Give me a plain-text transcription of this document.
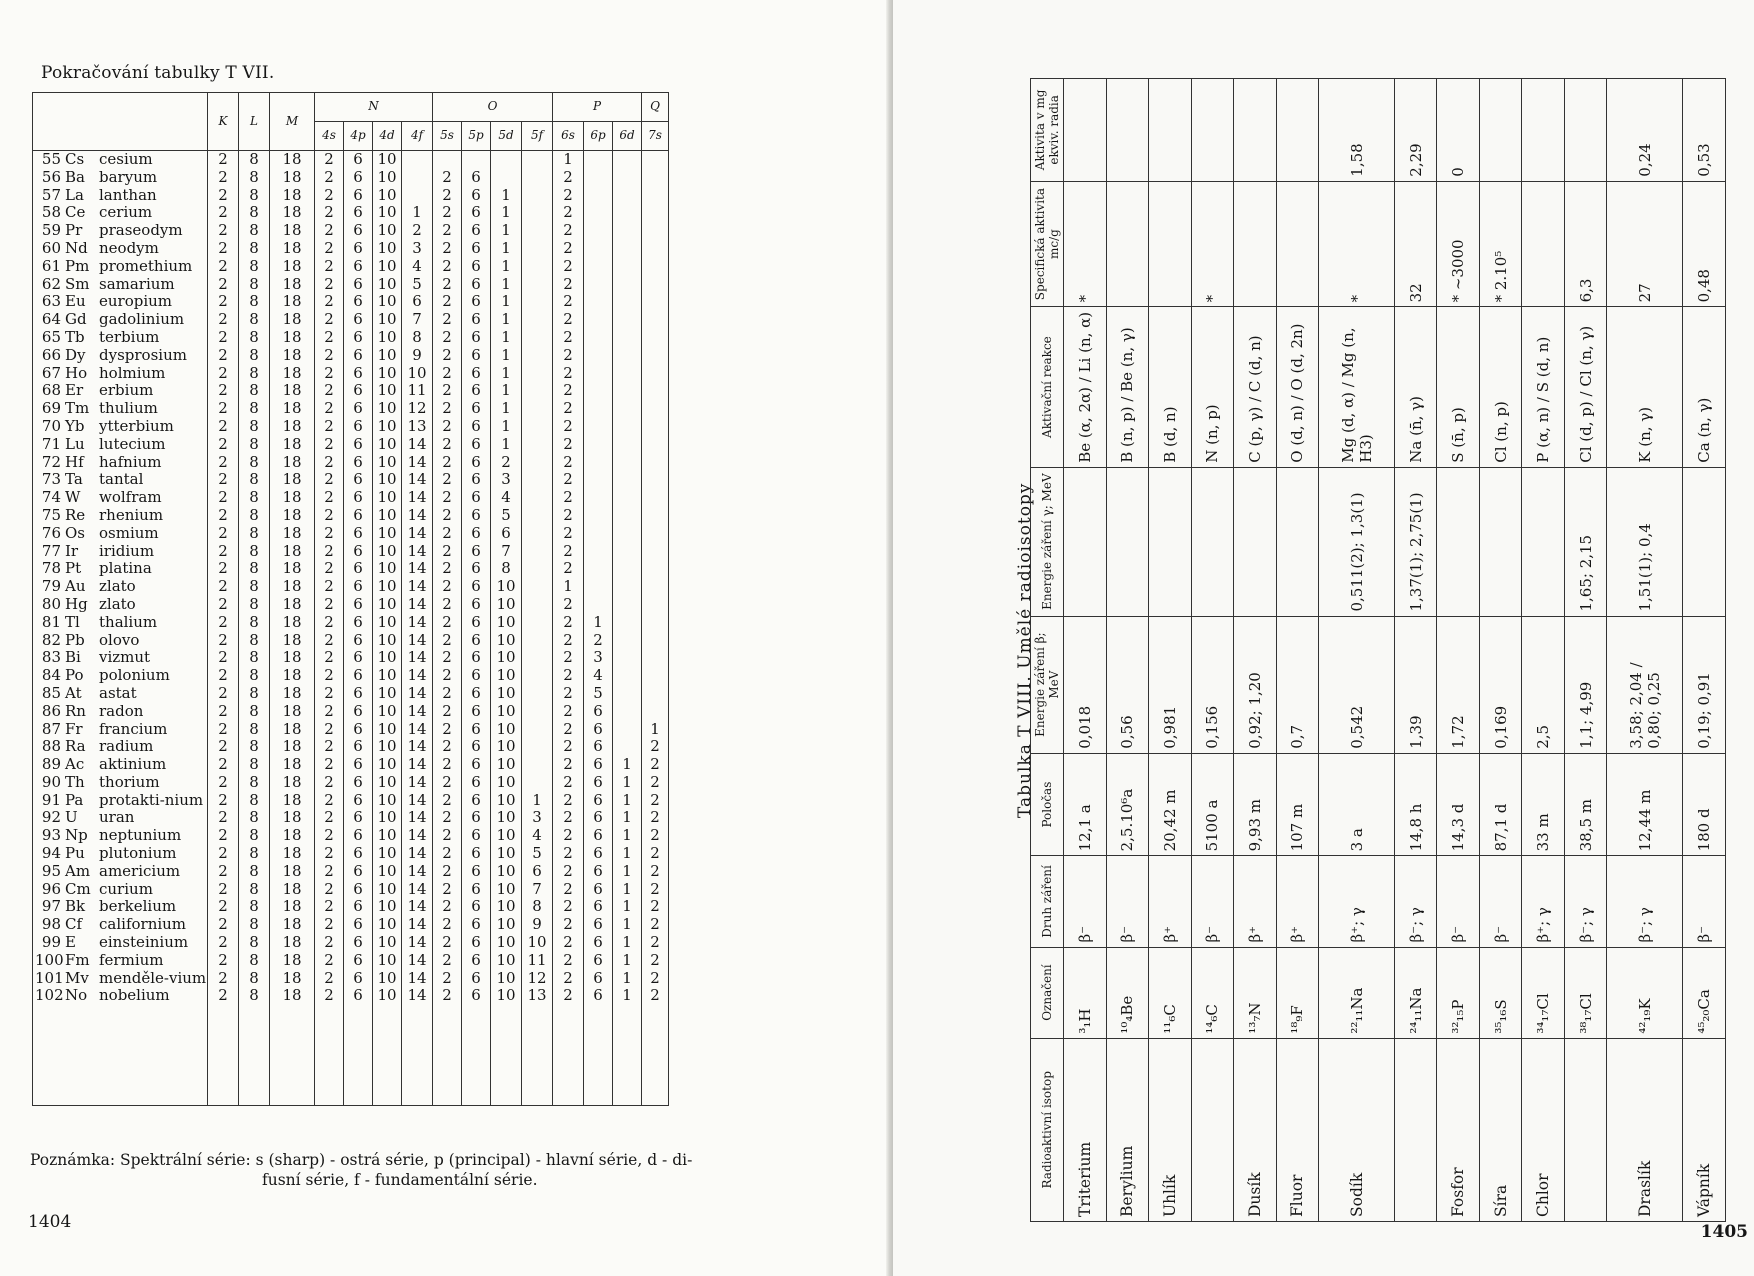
Pokračování tabulky T VII.
	K	L	M	N				O				P			Q
				4s	4p	4d	4f	5s	5p	5d	5f	6s	6p	6d	7s
55 Cs cesium	2	8	18	2	6	10						1			
56 Ba baryum	2	8	18	2	6	10		2	6			2			
57 La lanthan	2	8	18	2	6	10		2	6	1		2			
58 Ce cerium	2	8	18	2	6	10	1	2	6	1		2			
59 Pr praseodym	2	8	18	2	6	10	2	2	6	1		2			
60 Nd neodym	2	8	18	2	6	10	3	2	6	1		2			
61 Pm promethium	2	8	18	2	6	10	4	2	6	1		2			
62 Sm samarium	2	8	18	2	6	10	5	2	6	1		2			
63 Eu europium	2	8	18	2	6	10	6	2	6	1		2			
64 Gd gadolinium	2	8	18	2	6	10	7	2	6	1		2			
65 Tb terbium	2	8	18	2	6	10	8	2	6	1		2			
66 Dy dysprosium	2	8	18	2	6	10	9	2	6	1		2			
67 Ho holmium	2	8	18	2	6	10	10	2	6	1		2			
68 Er erbium	2	8	18	2	6	10	11	2	6	1		2			
69 Tm thulium	2	8	18	2	6	10	12	2	6	1		2			
70 Yb ytterbium	2	8	18	2	6	10	13	2	6	1		2			
71 Lu lutecium	2	8	18	2	6	10	14	2	6	1		2			
72 Hf hafnium	2	8	18	2	6	10	14	2	6	2		2			
73 Ta tantal	2	8	18	2	6	10	14	2	6	3		2			
74 W wolfram	2	8	18	2	6	10	14	2	6	4		2			
75 Re rhenium	2	8	18	2	6	10	14	2	6	5		2			
76 Os osmium	2	8	18	2	6	10	14	2	6	6		2			
77 Ir iridium	2	8	18	2	6	10	14	2	6	7		2			
78 Pt platina	2	8	18	2	6	10	14	2	6	8		2			
79 Au zlato	2	8	18	2	6	10	14	2	6	10		1			
80 Hg zlato	2	8	18	2	6	10	14	2	6	10		2			
81 Tl thalium	2	8	18	2	6	10	14	2	6	10		2	1		
82 Pb olovo	2	8	18	2	6	10	14	2	6	10		2	2		
83 Bi vizmut	2	8	18	2	6	10	14	2	6	10		2	3		
84 Po polonium	2	8	18	2	6	10	14	2	6	10		2	4		
85 At astat	2	8	18	2	6	10	14	2	6	10		2	5		
86 Rn radon	2	8	18	2	6	10	14	2	6	10		2	6		
87 Fr francium	2	8	18	2	6	10	14	2	6	10		2	6		1
88 Ra radium	2	8	18	2	6	10	14	2	6	10		2	6		2
89 Ac aktinium	2	8	18	2	6	10	14	2	6	10		2	6	1	2
90 Th thorium	2	8	18	2	6	10	14	2	6	10		2	6	1	2
91 Pa protakti-nium	2	8	18	2	6	10	14	2	6	10	1	2	6	1	2
92 U uran	2	8	18	2	6	10	14	2	6	10	3	2	6	1	2
93 Np neptunium	2	8	18	2	6	10	14	2	6	10	4	2	6	1	2
94 Pu plutonium	2	8	18	2	6	10	14	2	6	10	5	2	6	1	2
95 Am americium	2	8	18	2	6	10	14	2	6	10	6	2	6	1	2
96 Cm curium	2	8	18	2	6	10	14	2	6	10	7	2	6	1	2
97 Bk berkelium	2	8	18	2	6	10	14	2	6	10	8	2	6	1	2
98 Cf californium	2	8	18	2	6	10	14	2	6	10	9	2	6	1	2
99 E einsteinium	2	8	18	2	6	10	14	2	6	10	10	2	6	1	2
100Fm fermium	2	8	18	2	6	10	14	2	6	10	11	2	6	1	2
101Mv menděle-vium	2	8	18	2	6	10	14	2	6	10	12	2	6	1	2
102No nobelium	2	8	18	2	6	10	14	2	6	10	13	2	6	1	2

Poznámka: Spektrální série: s (sharp) - ostrá série, p (principal) - hlavní série, d - di-
fusní série, f - fundamentální série.
1404
Tabulka T VIII. Umělé radioisotopy
Radioaktivní isotop	Označení	Druh záření	Poločas	Energie záření β; MeV	Energie záření γ; MeV	Aktivační reakce	Specifická aktivita mc/g	Aktivita v mg ekviv. radia
Triterium	³₁H	β⁻	12,1 a	0,018		Be (α, 2α) / Li (n, α)	*	
Berylium	¹⁰₄Be	β⁻	2,5.10⁶a	0,56		B (n, p) / Be (n, γ)		
Uhlík	¹¹₆C	β⁺	20,42 m	0,981		B (d, n)		
	¹⁴₆C	β⁻	5100 a	0,156		N (n, p)	*	
Dusík	¹³₇N	β⁺	9,93 m	0,92; 1,20		C (p, γ) / C (d, n)		
Fluor	¹⁸₉F	β⁺	107 m	0,7		O (d, n) / O (d, 2n)		
Sodík	²²₁₁Na	β⁺; γ	3 a	0,542	0,511(2); 1,3(1)	Mg (d, α) / Mg (n, H3)	*	1,58
	²⁴₁₁Na	β⁻; γ	14,8 h	1,39	1,37(1); 2,75(1)	Na (n̄, γ)	32	2,29
Fosfor	³²₁₅P	β⁻	14,3 d	1,72		S (n̄, p)	* ~3000	0
Síra	³⁵₁₆S	β⁻	87,1 d	0,169		Cl (n, p)	* 2.10⁵	
Chlor	³⁴₁₇Cl	β⁺; γ	33 m	2,5		P (α, n) / S (d, n)		
	³⁸₁₇Cl	β⁻; γ	38,5 m	1,1; 4,99	1,65; 2,15	Cl (d, p) / Cl (n, γ)	6,3	
Draslík	⁴²₁₉K	β⁻; γ	12,44 m	3,58; 2,04 / 0,80; 0,25	1,51(1); 0,4	K (n, γ)	27	0,24
Vápník	⁴⁵₂₀Ca	β⁻	180 d	0,19; 0,91		Ca (n, γ)	0,48	0,53
1405
